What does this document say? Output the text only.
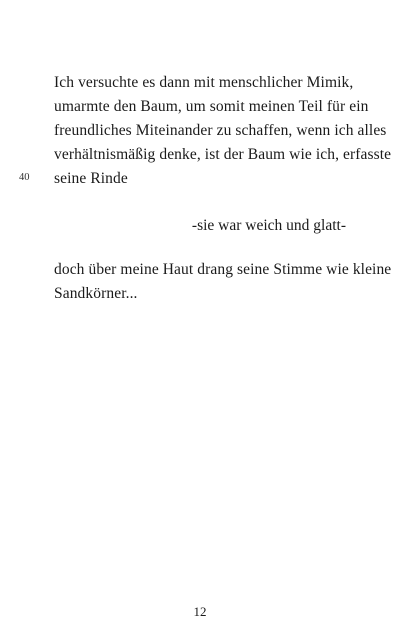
Ich versuchte es dann mit menschlicher Mimik,
umarmte den Baum, um somit meinen Teil für ein
freundliches Miteinander zu schaffen, wenn ich alles
verhältnismäßig denke, ist der Baum wie ich, erfasste
seine Rinde
40
-sie war weich und glatt-
doch über meine Haut drang seine Stimme wie kleine
Sandkörner...
12
